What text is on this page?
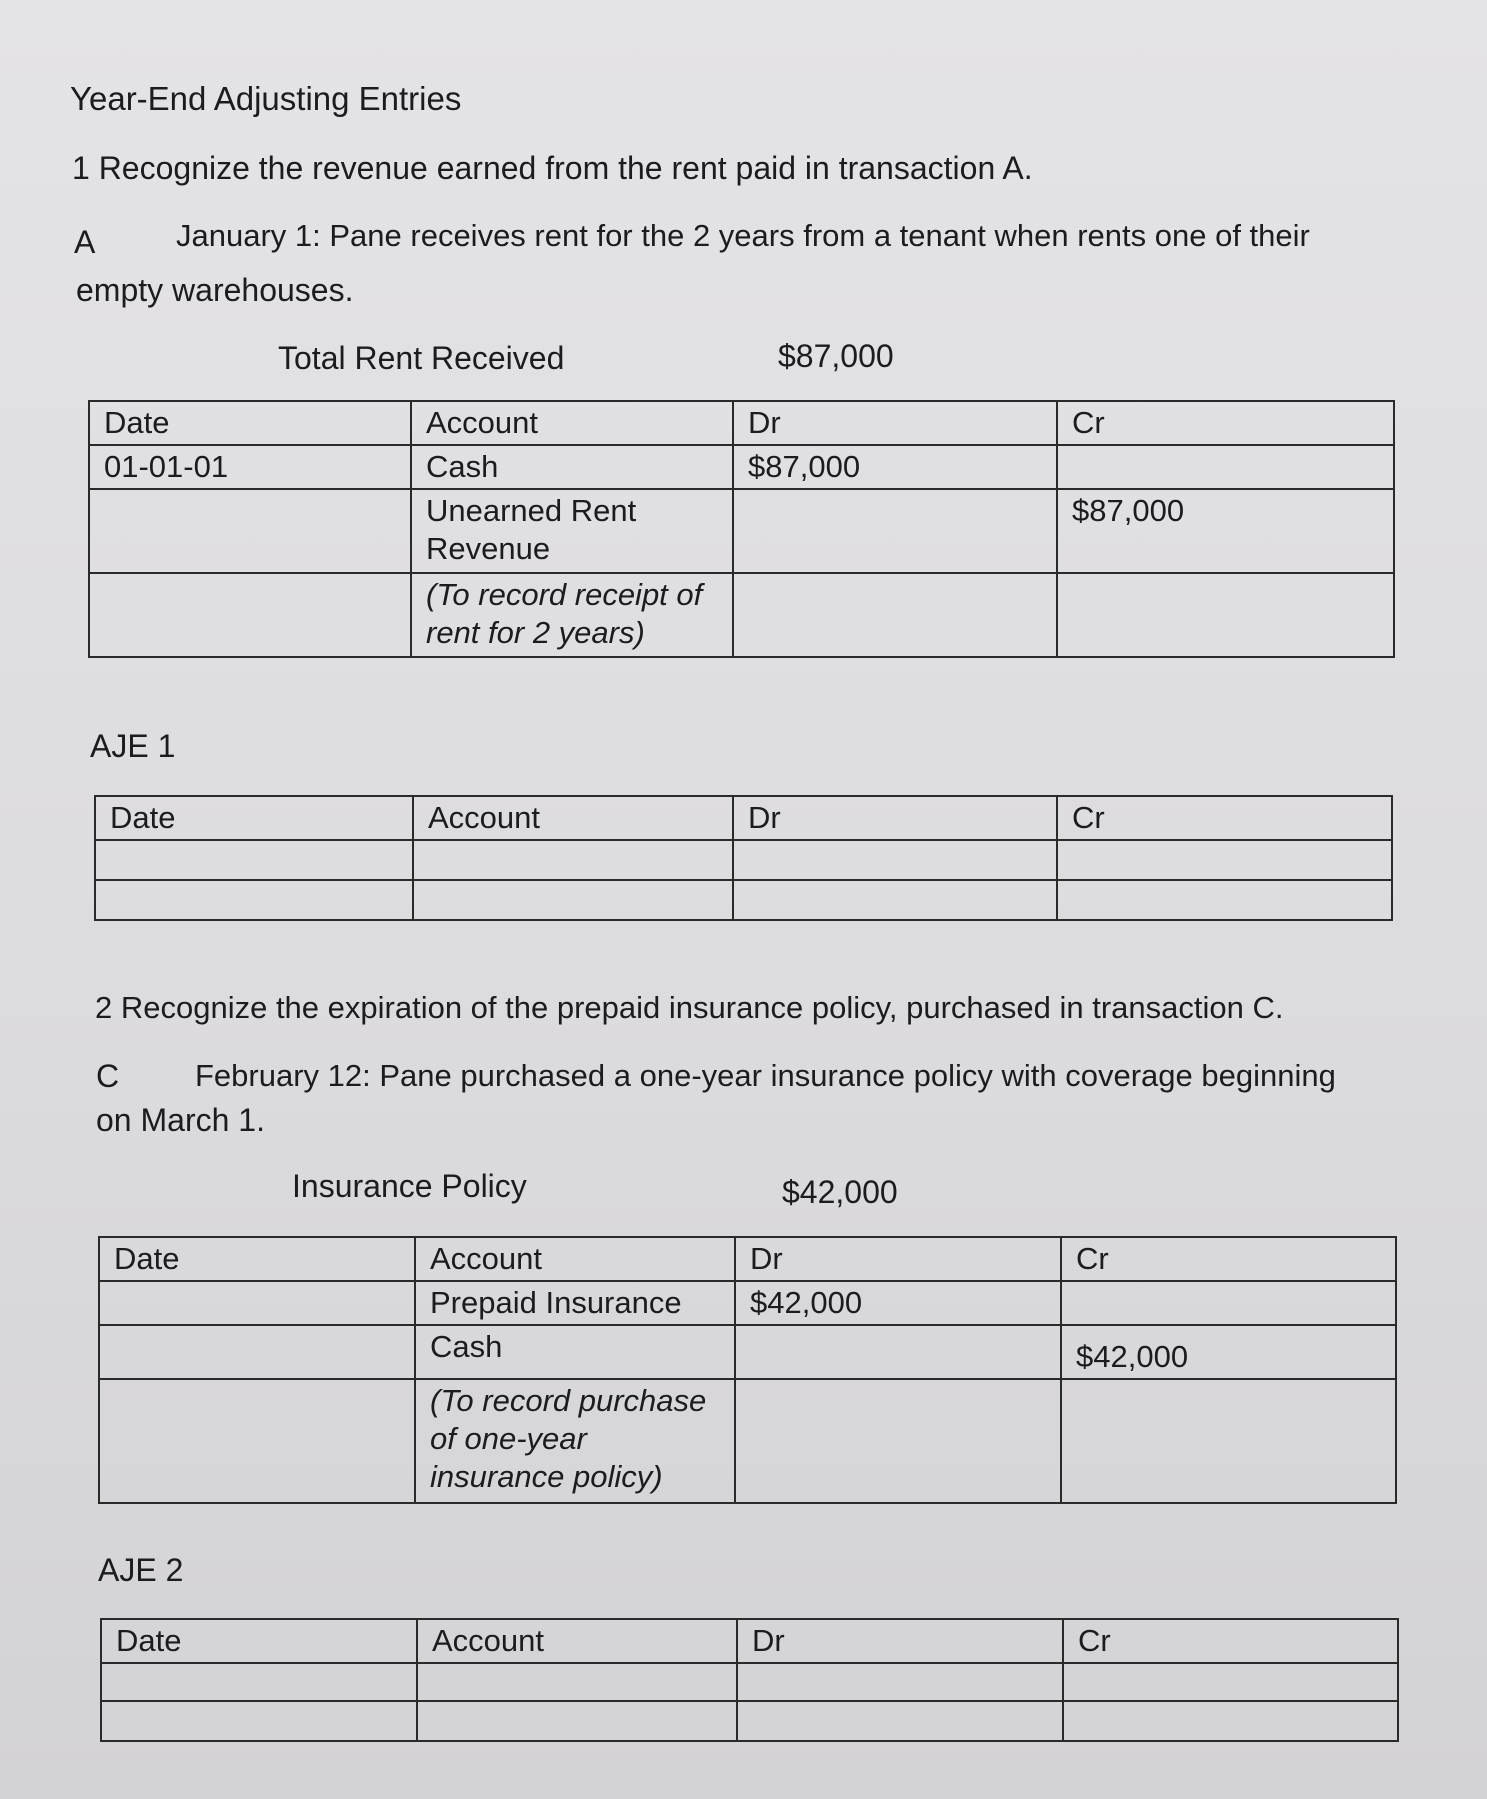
Year-End Adjusting Entries
1 Recognize the revenue earned from the rent paid in transaction A.
A	January 1: Pane receives rent for the 2 years from a tenant when rents one of their
empty warehouses.
Total Rent Received	$87,000
Date	Account	Dr	Cr
01-01-01	Cash	$87,000	
	Unearned Rent Revenue		$87,000
	(To record receipt of rent for 2 years)		
AJE 1
Date	Account	Dr	Cr

2 Recognize the expiration of the prepaid insurance policy, purchased in transaction C.
C February 12: Pane purchased a one-year insurance policy with coverage beginning
on March 1.
Insurance Policy	$42,000
Date	Account	Dr	Cr
	Prepaid Insurance	$42,000	
	Cash		$42,000
	(To record purchase of one-year insurance policy)		
AJE 2
Date	Account	Dr	Cr
